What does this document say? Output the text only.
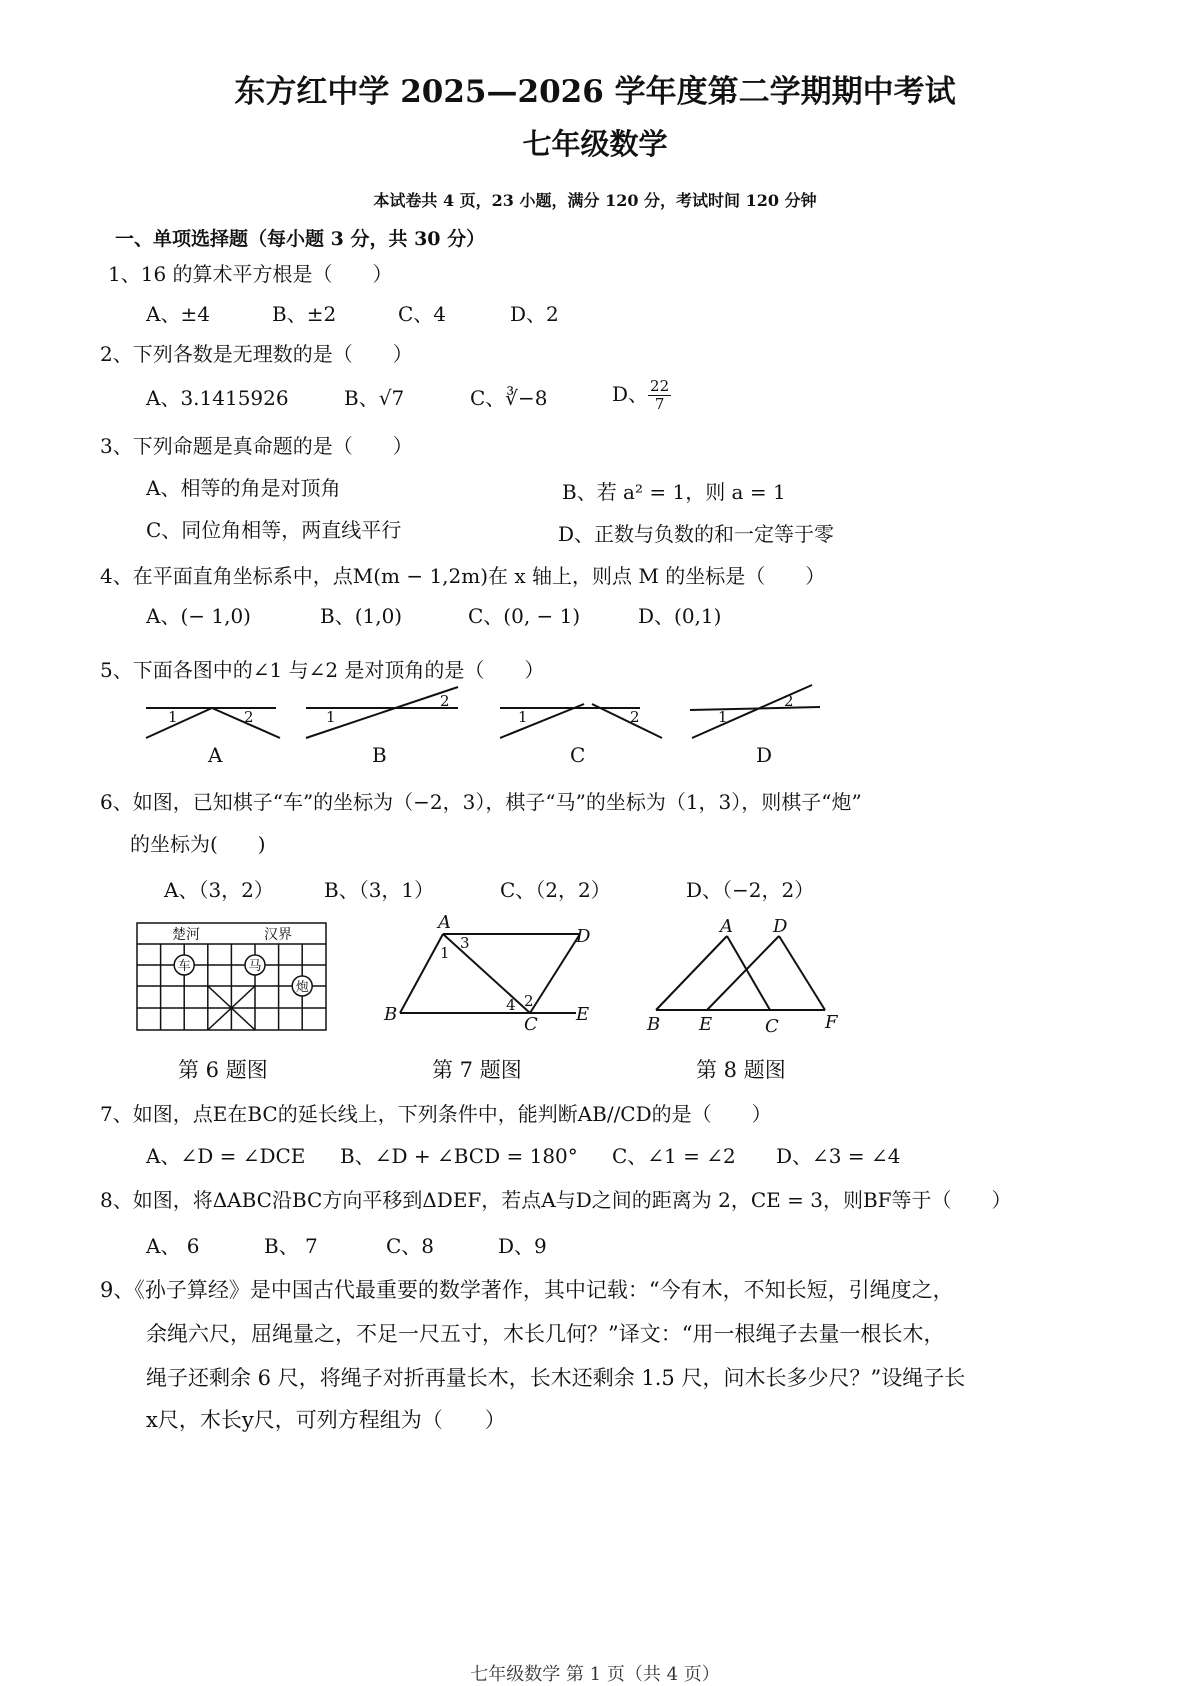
东方红中学 2025—2026 学年度第二学期期中考试
七年级数学
本试卷共 4 页，23 小题，满分 120 分，考试时间 120 分钟
一、单项选择题（每小题 3 分，共 30 分）
1、16 的算术平方根是（　　）
A、±4	B、±2	C、4	D、2
2、下列各数是无理数的是（　　）
A、3.1415926	B、√7	C、∛−8	D、 $\frac{22}{7}$
3、下列命题是真命题的是（　　）
A、相等的角是对顶角	B、若 a² = 1，则 a = 1
C、同位角相等，两直线平行	D、正数与负数的和一定等于零
4、在平面直角坐标系中，点M(m − 1,2m)在 x 轴上，则点 M 的坐标是（　　）
A、(− 1,0)	B、(1,0)	C、(0, − 1)	D、(0,1)
5、下面各图中的∠1 与∠2 是对顶角的是（　　）
1	2	1
2
1	2	1
2
A	B	C	D
6、如图，已知棋子“车”的坐标为（−2，3），棋子“马”的坐标为（1，3），则棋子“炮”
的坐标为(　　)
A、（3，2）	B、（3，1）	C、（2，2）	D、（−2，2）
楚河	汉界
车	马
炮
A
D
B	C E
1
2
3
4
A D
B E	C	F
第 6 题图	第 7 题图	第 8 题图
7、如图，点E在BC的延长线上，下列条件中，能判断AB//CD的是（　　）
A、∠D = ∠DCE B、∠D + ∠BCD = 180° C、∠1 = ∠2 D、∠3 = ∠4
8、如图，将ΔABC沿BC方向平移到ΔDEF，若点A与D之间的距离为 2，CE = 3，则BF等于（　　）
A、 6	B、 7	C、8	D、9
9、《孙子算经》是中国古代最重要的数学著作，其中记载：“今有木，不知长短，引绳度之，
余绳六尺，屈绳量之，不足一尺五寸，木长几何？”译文：“用一根绳子去量一根长木，
绳子还剩余 6 尺，将绳子对折再量长木，长木还剩余 1.5 尺，问木长多少尺？”设绳子长
x尺，木长y尺，可列方程组为（　　）
七年级数学 第 1 页（共 4 页）
